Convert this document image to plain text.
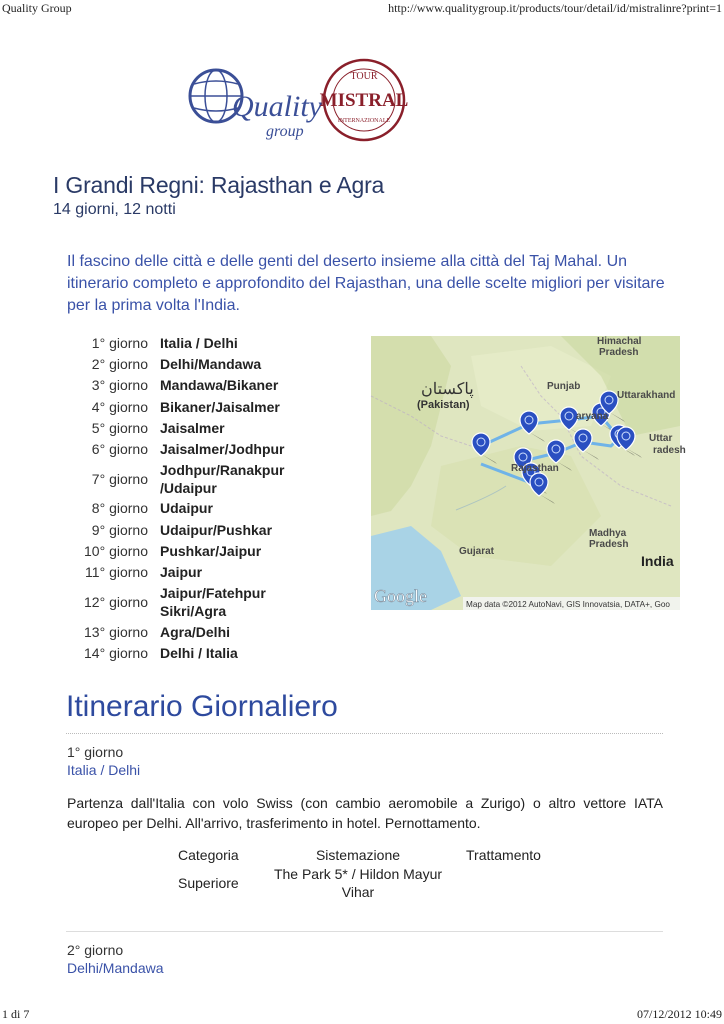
Quality Group	http://www.qualitygroup.it/products/tour/detail/id/mistralinre?print=1
Quality
group
TOUR
MISTRAL
INTERNAZIONALE
I Grandi Regni: Rajasthan e Agra
14 giorni, 12 notti
Il fascino delle città e delle genti del deserto insieme alla città del Taj Mahal. Un itinerario completo e approfondito del Rajasthan, una delle scelte migliori per visitare per la prima volta l'India.
1° giorno	Italia / Delhi
2° giorno	Delhi/Mandawa
3° giorno	Mandawa/Bikaner
4° giorno	Bikaner/Jaisalmer
5° giorno	Jaisalmer
6° giorno	Jaisalmer/Jodhpur
7° giorno	Jodhpur/Ranakpur /Udaipur
8° giorno	Udaipur
9° giorno	Udaipur/Pushkar
10° giorno	Pushkar/Jaipur
11° giorno	Jaipur
12° giorno	Jaipur/Fatehpur Sikri/Agra
13° giorno	Agra/Delhi
14° giorno	Delhi / Italia
Himachal
Pradesh
پاکستان
(Pakistan)
Punjab
Uttarakhand
aryana
Uttar
radesh
Rajasthan
Gujarat
Madhya
Pradesh
India
Google	Map data ©2012 AutoNavi, GIS Innovatsia, DATA+, Goo
Itinerario Giornaliero
1° giorno
Italia / Delhi
Partenza dall'Italia con volo Swiss (con cambio aeromobile a Zurigo) o altro vettore IATA europeo per Delhi. All'arrivo, trasferimento in hotel. Pernottamento.
Categoria	Sistemazione	Trattamento
Superiore	The Park 5* / Hildon Mayur Vihar	
2° giorno
Delhi/Mandawa
1 di 7	07/12/2012 10:49
